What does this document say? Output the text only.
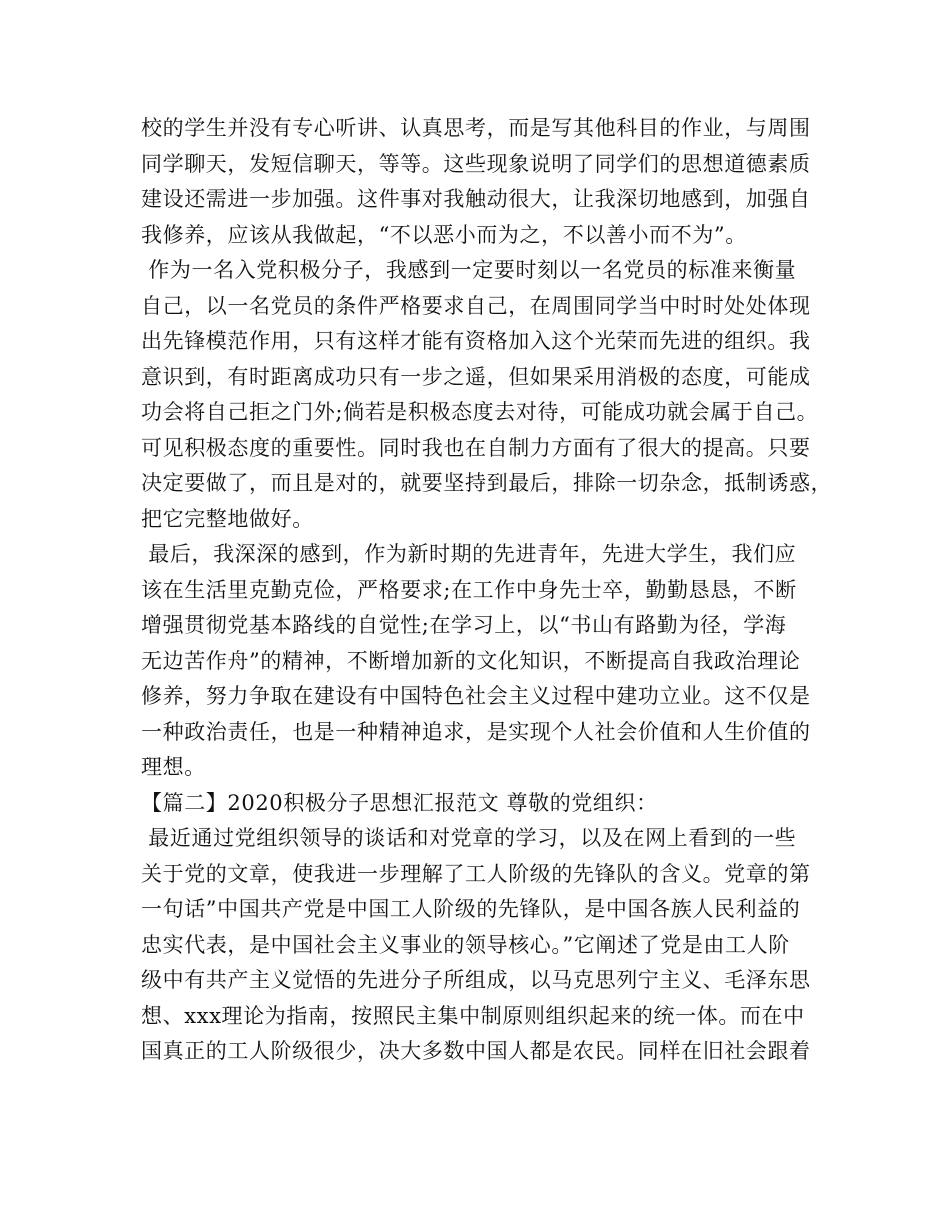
校的学生并没有专心听讲、认真思考，而是写其他科目的作业，与周围
同学聊天，发短信聊天，等等。这些现象说明了同学们的思想道德素质
建设还需进一步加强。这件事对我触动很大，让我深切地感到，加强自
我修养，应该从我做起，“不以恶小而为之，不以善小而不为”。
作为一名入党积极分子，我感到一定要时刻以一名党员的标准来衡量
自己，以一名党员的条件严格要求自己，在周围同学当中时时处处体现
出先锋模范作用，只有这样才能有资格加入这个光荣而先进的组织。我
意识到，有时距离成功只有一步之遥，但如果采用消极的态度，可能成
功会将自己拒之门外;倘若是积极态度去对待，可能成功就会属于自己。
可见积极态度的重要性。同时我也在自制力方面有了很大的提高。只要
决定要做了，而且是对的，就要坚持到最后，排除一切杂念，抵制诱惑，
把它完整地做好。
最后，我深深的感到，作为新时期的先进青年，先进大学生，我们应
该在生活里克勤克俭，严格要求;在工作中身先士卒，勤勤恳恳，不断
增强贯彻党基本路线的自觉性;在学习上，以“书山有路勤为径，学海
无边苦作舟”的精神，不断增加新的文化知识，不断提高自我政治理论
修养，努力争取在建设有中国特色社会主义过程中建功立业。这不仅是
一种政治责任，也是一种精神追求，是实现个人社会价值和人生价值的
理想。
【篇二】2020积极分子思想汇报范文 尊敬的党组织：
最近通过党组织领导的谈话和对党章的学习，以及在网上看到的一些
关于党的文章，使我进一步理解了工人阶级的先锋队的含义。党章的第
一句话”中国共产党是中国工人阶级的先锋队，是中国各族人民利益的
忠实代表，是中国社会主义事业的领导核心。”它阐述了党是由工人阶
级中有共产主义觉悟的先进分子所组成，以马克思列宁主义、毛泽东思
想、xxx理论为指南，按照民主集中制原则组织起来的统一体。而在中
国真正的工人阶级很少，决大多数中国人都是农民。同样在旧社会跟着
